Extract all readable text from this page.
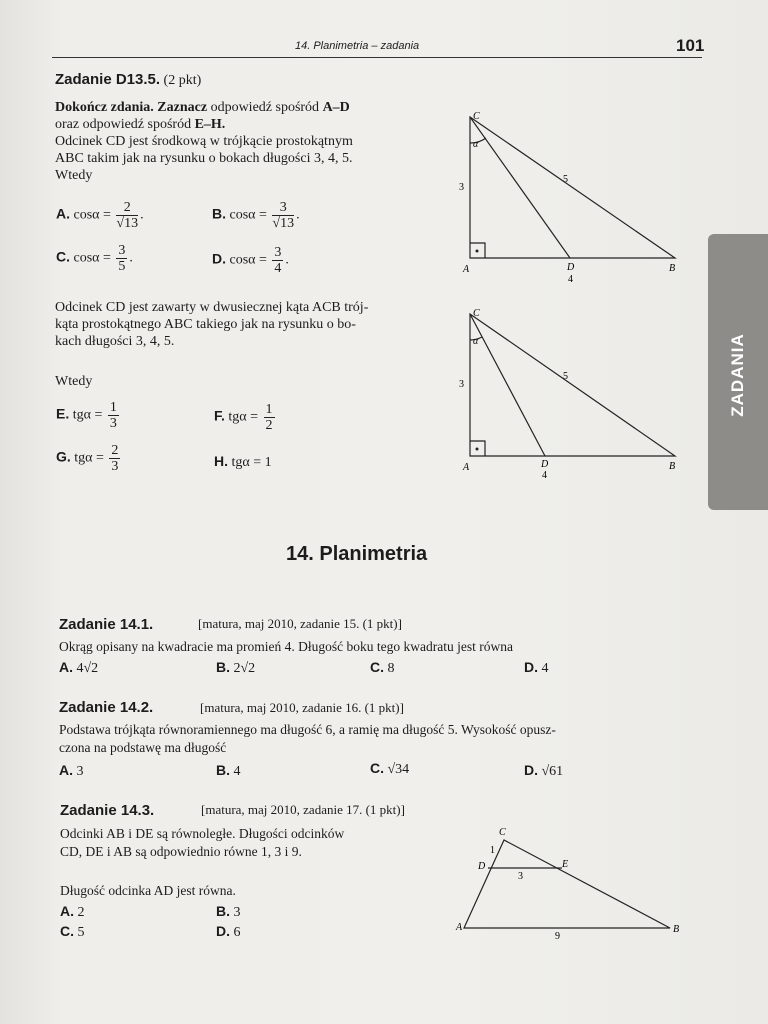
14. Planimetria – zadania	101
ZADANIA
Zadanie D13.5. (2 pkt)
Dokończ zdania. Zaznacz odpowiedź spośród A–D
oraz odpowiedź spośród E–H.
Odcinek CD jest środkową w trójkącie prostokątnym
ABC takim jak na rysunku o bokach długości 3, 4, 5.
Wtedy
A. $\cos\alpha = \frac{2}{√13}$ .	B. $\cos\alpha = \frac{3}{√13}$ .
C. $\cos\alpha = \frac{3}{5}$ .	D. $\cos\alpha = \frac{3}{4}$ .
Odcinek CD jest zawarty w dwusiecznej kąta ACB trój-
kąta prostokątnego ABC takiego jak na rysunku o bo-
kach długości 3, 4, 5.
Wtedy
E. $tg\alpha = \frac{1}{3}$	F. $tg\alpha = \frac{1}{2}$
G. $tg\alpha = \frac{2}{3}$	H. tgα = 1
C
α
3
5
A	D
4
B
C
α
3
5
A	D
4
B
14. Planimetria
Zadanie 14.1.	[matura, maj 2010, zadanie 15. (1 pkt)]
Okrąg opisany na kwadracie ma promień 4. Długość boku tego kwadratu jest równa
A. 4√2	B. 2√2	C. 8	D. 4
Zadanie 14.2.	[matura, maj 2010, zadanie 16. (1 pkt)]
Podstawa trójkąta równoramiennego ma długość 6, a ramię ma długość 5. Wysokość opusz-
czona na podstawę ma długość
A. 3	B. 4	C. √34	D. √61
Zadanie 14.3.	[matura, maj 2010, zadanie 17. (1 pkt)]
Odcinki AB i DE są równoległe. Długości odcinków
CD, DE i AB są odpowiednio równe 1, 3 i 9.
Długość odcinka AD jest równa.
A. 2	B. 3
C. 5	D. 6
C
1
D	E
3
A
9
B
